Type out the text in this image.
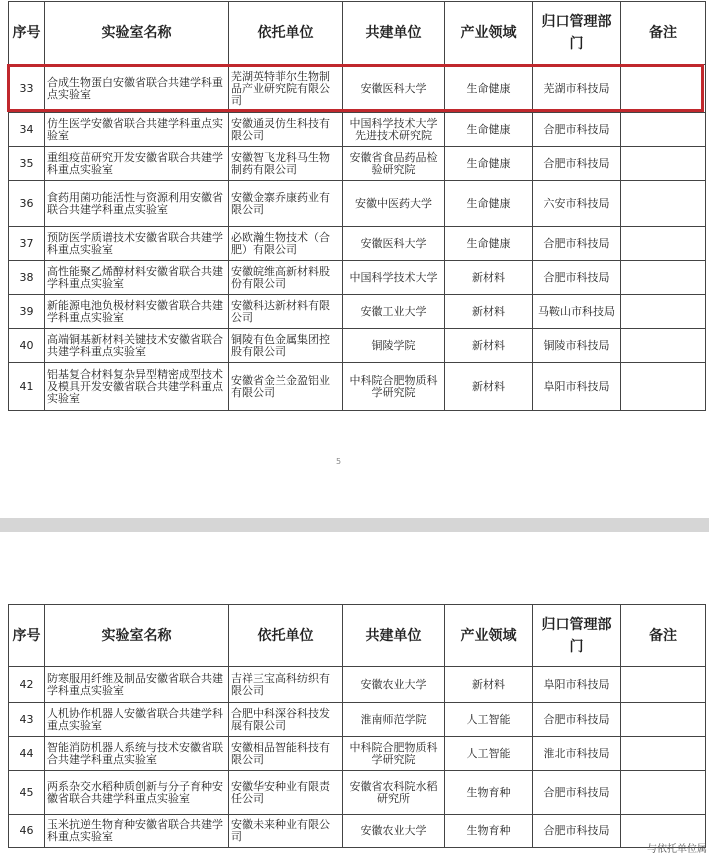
序号	实验室名称	依托单位	共建单位	产业领域	归口管理部门	备注
33	合成生物蛋白安徽省联合共建学科重点实验室	芜湖英特菲尔生物制品产业研究院有限公司	安徽医科大学	生命健康	芜湖市科技局	
34	仿生医学安徽省联合共建学科重点实验室	安徽通灵仿生科技有限公司	中国科学技术大学先进技术研究院	生命健康	合肥市科技局	
35	重组疫苗研究开发安徽省联合共建学科重点实验室	安徽智飞龙科马生物制药有限公司	安徽省食品药品检验研究院	生命健康	合肥市科技局	
36	食药用菌功能活性与资源利用安徽省联合共建学科重点实验室	安徽金寨乔康药业有限公司	安徽中医药大学	生命健康	六安市科技局	
37	预防医学质谱技术安徽省联合共建学科重点实验室	必欧瀚生物技术（合肥）有限公司	安徽医科大学	生命健康	合肥市科技局	
38	高性能聚乙烯醇材料安徽省联合共建学科重点实验室	安徽皖维高新材料股份有限公司	中国科学技术大学	新材料	合肥市科技局	
39	新能源电池负极材料安徽省联合共建学科重点实验室	安徽科达新材料有限公司	安徽工业大学	新材料	马鞍山市科技局	
40	高端铜基新材料关键技术安徽省联合共建学科重点实验室	铜陵有色金属集团控股有限公司	铜陵学院	新材料	铜陵市科技局	
41	铝基复合材料复杂异型精密成型技术及模具开发安徽省联合共建学科重点实验室	安徽省金兰金盈铝业有限公司	中科院合肥物质科学研究院	新材料	阜阳市科技局	
5
序号	实验室名称	依托单位	共建单位	产业领域	归口管理部门	备注
42	防寒服用纤维及制品安徽省联合共建学科重点实验室	吉祥三宝高科纺织有限公司	安徽农业大学	新材料	阜阳市科技局	
43	人机协作机器人安徽省联合共建学科重点实验室	合肥中科深谷科技发展有限公司	淮南师范学院	人工智能	合肥市科技局	
44	智能消防机器人系统与技术安徽省联合共建学科重点实验室	安徽相品智能科技有限公司	中科院合肥物质科学研究院	人工智能	淮北市科技局	
45	两系杂交水稻种质创新与分子育种安徽省联合共建学科重点实验室	安徽华安种业有限责任公司	安徽省农科院水稻研究所	生物育种	合肥市科技局	
46	玉米抗逆生物育种安徽省联合共建学科重点实验室	安徽未来种业有限公司	安徽农业大学	生物育种	合肥市科技局	
与依托单位属
